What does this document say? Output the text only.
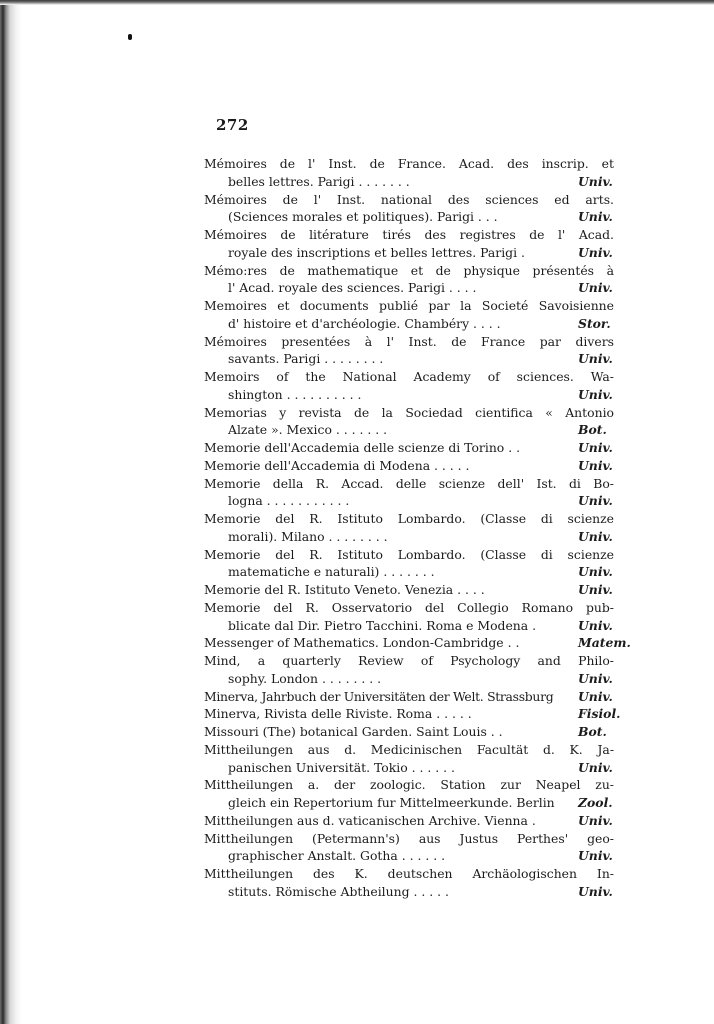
272
Mémoires de l' Inst. de France. Acad. des inscrip. et
belles lettres. Parigi . . . . . . .	Univ.
Mémoires de l' Inst. national des sciences ed arts.
(Sciences morales et politiques). Parigi . . .	Univ.
Mémoires de litérature tirés des registres de l' Acad.
royale des inscriptions et belles lettres. Parigi .	Univ.
Mémo:res de mathematique et de physique présentés à
l' Acad. royale des sciences. Parigi . . . .	Univ.
Memoires et documents publié par la Societé Savoisienne
d' histoire et d'archéologie. Chambéry . . . .	Stor.
Mémoires presentées à l' Inst. de France par divers
savants. Parigi . . . . . . . .	Univ.
Memoirs of the National Academy of sciences. Wa-
shington . . . . . . . . . .	Univ.
Memorias y revista de la Sociedad cientifica « Antonio
Alzate ». Mexico . . . . . . .	Bot.
Memorie dell'Accademia delle scienze di Torino . .	Univ.
Memorie dell'Accademia di Modena . . . . .	Univ.
Memorie della R. Accad. delle scienze dell' Ist. di Bo-
logna . . . . . . . . . . .	Univ.
Memorie del R. Istituto Lombardo. (Classe di scienze
morali). Milano . . . . . . . .	Univ.
Memorie del R. Istituto Lombardo. (Classe di scienze
matematiche e naturali) . . . . . . .	Univ.
Memorie del R. Istituto Veneto. Venezia . . . .	Univ.
Memorie del R. Osservatorio del Collegio Romano pub-
blicate dal Dir. Pietro Tacchini. Roma e Modena .	Univ.
Messenger of Mathematics. London-Cambridge . .	Matem.
Mind, a quarterly Review of Psychology and Philo-
sophy. London . . . . . . . .	Univ.
Minerva, Jahrbuch der Universitäten der Welt. Strassburg Univ.
Minerva, Rivista delle Riviste. Roma . . . . .	Fisiol.
Missouri (The) botanical Garden. Saint Louis . .	Bot.
Mittheilungen aus d. Medicinischen Facultät d. K. Ja-
panischen Universität. Tokio . . . . . .	Univ.
Mittheilungen a. der zoologic. Station zur Neapel zu-
gleich ein Repertorium fur Mittelmeerkunde. Berlin Zool.
Mittheilungen aus d. vaticanischen Archive. Vienna .	Univ.
Mittheilungen (Petermann's) aus Justus Perthes' geo-
graphischer Anstalt. Gotha . . . . . .	Univ.
Mittheilungen des K. deutschen Archäologischen In-
stituts. Römische Abtheilung . . . . .	Univ.
